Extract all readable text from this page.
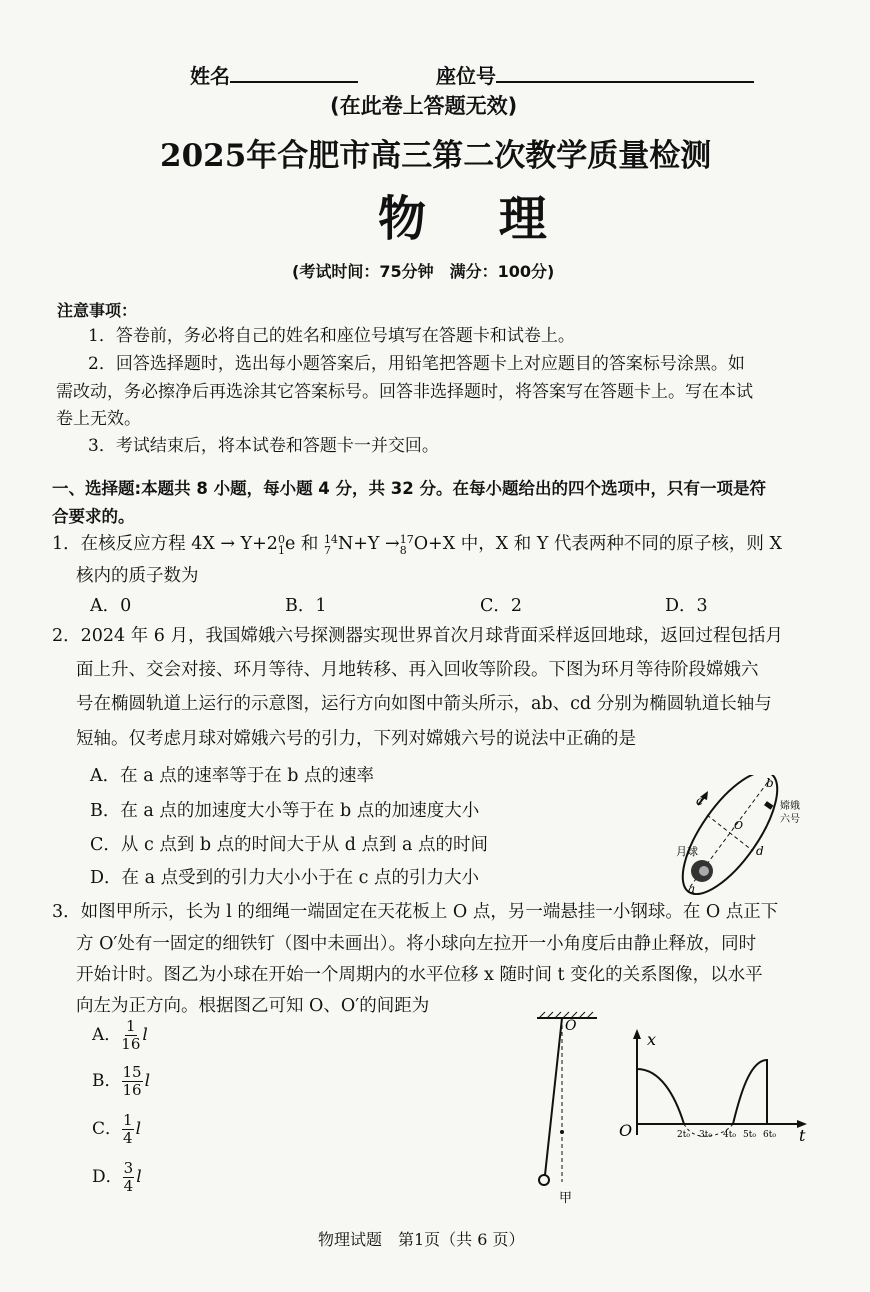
姓名	座位号
(在此卷上答题无效)
2025年合肥市高三第二次教学质量检测
物 理
(考试时间：75分钟　满分：100分)
注意事项：
1．答卷前，务必将自己的姓名和座位号填写在答题卡和试卷上。
2．回答选择题时，选出每小题答案后，用铅笔把答题卡上对应题目的答案标号涂黑。如
需改动，务必擦净后再选涂其它答案标号。回答非选择题时，将答案写在答题卡上。写在本试
卷上无效。
3．考试结束后，将本试卷和答题卡一并交回。
一、选择题:本题共 8 小题，每小题 4 分，共 32 分。在每小题给出的四个选项中，只有一项是符
合要求的。
1．在核反应方程 4X → Y+2 0
1 e 和 14
7 N+Y → 17
8 O+X 中，X 和 Y 代表两种不同的原子核，则 X
核内的质子数为
A．0	B．1	C．2	D．3
2．2024 年 6 月，我国嫦娥六号探测器实现世界首次月球背面采样返回地球，返回过程包括月
面上升、交会对接、环月等待、月地转移、再入回收等阶段。下图为环月等待阶段嫦娥六
号在椭圆轨道上运行的示意图，运行方向如图中箭头所示，ab、cd 分别为椭圆轨道长轴与
短轴。仅考虑月球对嫦娥六号的引力，下列对嫦娥六号的说法中正确的是
A．在 a 点的速率等于在 b 点的速率
B．在 a 点的加速度大小等于在 b 点的加速度大小
C．从 c 点到 b 点的时间大于从 d 点到 a 点的时间
D．在 a 点受到的引力大小小于在 c 点的引力大小
a
b
c
d
O
月球
嫦娥
六号
3．如图甲所示，长为 l 的细绳一端固定在天花板上 O 点，另一端悬挂一小钢球。在 O 点正下
方 O′处有一固定的细铁钉（图中未画出）。将小球向左拉开一小角度后由静止释放，同时
开始计时。图乙为小球在开始一个周期内的水平位移 x 随时间 t 变化的关系图像，以水平
向左为正方向。根据图乙可知 O、O′的间距为
A． $\frac{1}{16}$ l
B． $\frac{15}{16}$ l
C． $\frac{1}{4}$ l
D． $\frac{3}{4}$ l
O
甲
x
t
O	2t₀ 3t₀ 4t₀ 5t₀ 6t₀
物理试题　第1页（共 6 页）
